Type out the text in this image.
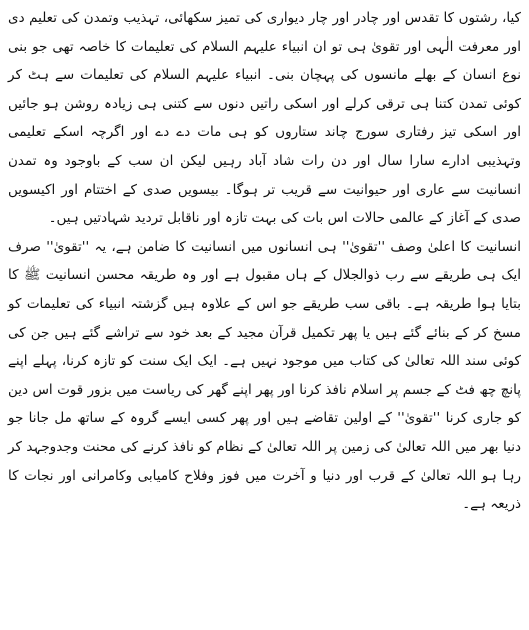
کیا، رشتوں کا تقدس اور چادر اور چار دیواری کی تمیز سکھائی، تہذیب وتمدن کی تعلیم دی اور معرفت الٰہی اور تقویٰ ہی تو ان انبیاء علیہم السلام کی تعلیمات کا خاصہ تھی جو بنی نوع انسان کے بھلے مانسوں کی پہچان بنی۔ انبیاء علیہم السلام کی تعلیمات سے ہٹ کر کوئی تمدن کتنا ہی ترقی کرلے اور اسکی راتیں دنوں سے کتنی ہی زیادہ روشن ہو جائیں اور اسکی تیز رفتاری سورج چاند ستاروں کو ہی مات دے دے اور اگرچہ اسکے تعلیمی وتہذیبی ادارے سارا سال اور دن رات شاد آباد رہیں لیکن ان سب کے باوجود وہ تمدن انسانیت سے عاری اور حیوانیت سے قریب تر ہوگا۔ بیسویں صدی کے اختتام اور اکیسویں صدی کے آغاز کے عالمی حالات اس بات کی بہت تازہ اور ناقابل تردید شہادتیں ہیں۔

انسانیت کا اعلیٰ وصف ''تقویٰ'' ہی انسانوں میں انسانیت کا ضامن ہے، یہ ''تقویٰ'' صرف ایک ہی طریقے سے رب ذوالجلال کے ہاں مقبول ہے اور وہ طریقہ محسن انسانیت ﷺ کا بتایا ہوا طریقہ ہے۔ باقی سب طریقے جو اس کے علاوہ ہیں گزشتہ انبیاء کی تعلیمات کو مسخ کر کے بنائے گئے ہیں یا پھر تکمیل قرآن مجید کے بعد خود سے تراشے گئے ہیں جن کی کوئی سند اللہ تعالیٰ کی کتاب میں موجود نہیں ہے۔ ایک ایک سنت کو تازہ کرنا، پہلے اپنے پانچ چھ فٹ کے جسم پر اسلام نافذ کرنا اور پھر اپنے گھر کی ریاست میں بزور قوت اس دین کو جاری کرنا ''تقویٰ'' کے اولین تقاضے ہیں اور پھر کسی ایسے گروہ کے ساتھ مل جانا جو دنیا بھر میں اللہ تعالیٰ کی زمین پر اللہ تعالیٰ کے نظام کو نافذ کرنے کی محنت وجدوجہد کر رہا ہو اللہ تعالیٰ کے قرب اور دنیا و آخرت میں فوز وفلاح کامیابی وکامرانی اور نجات کا ذریعہ ہے۔
